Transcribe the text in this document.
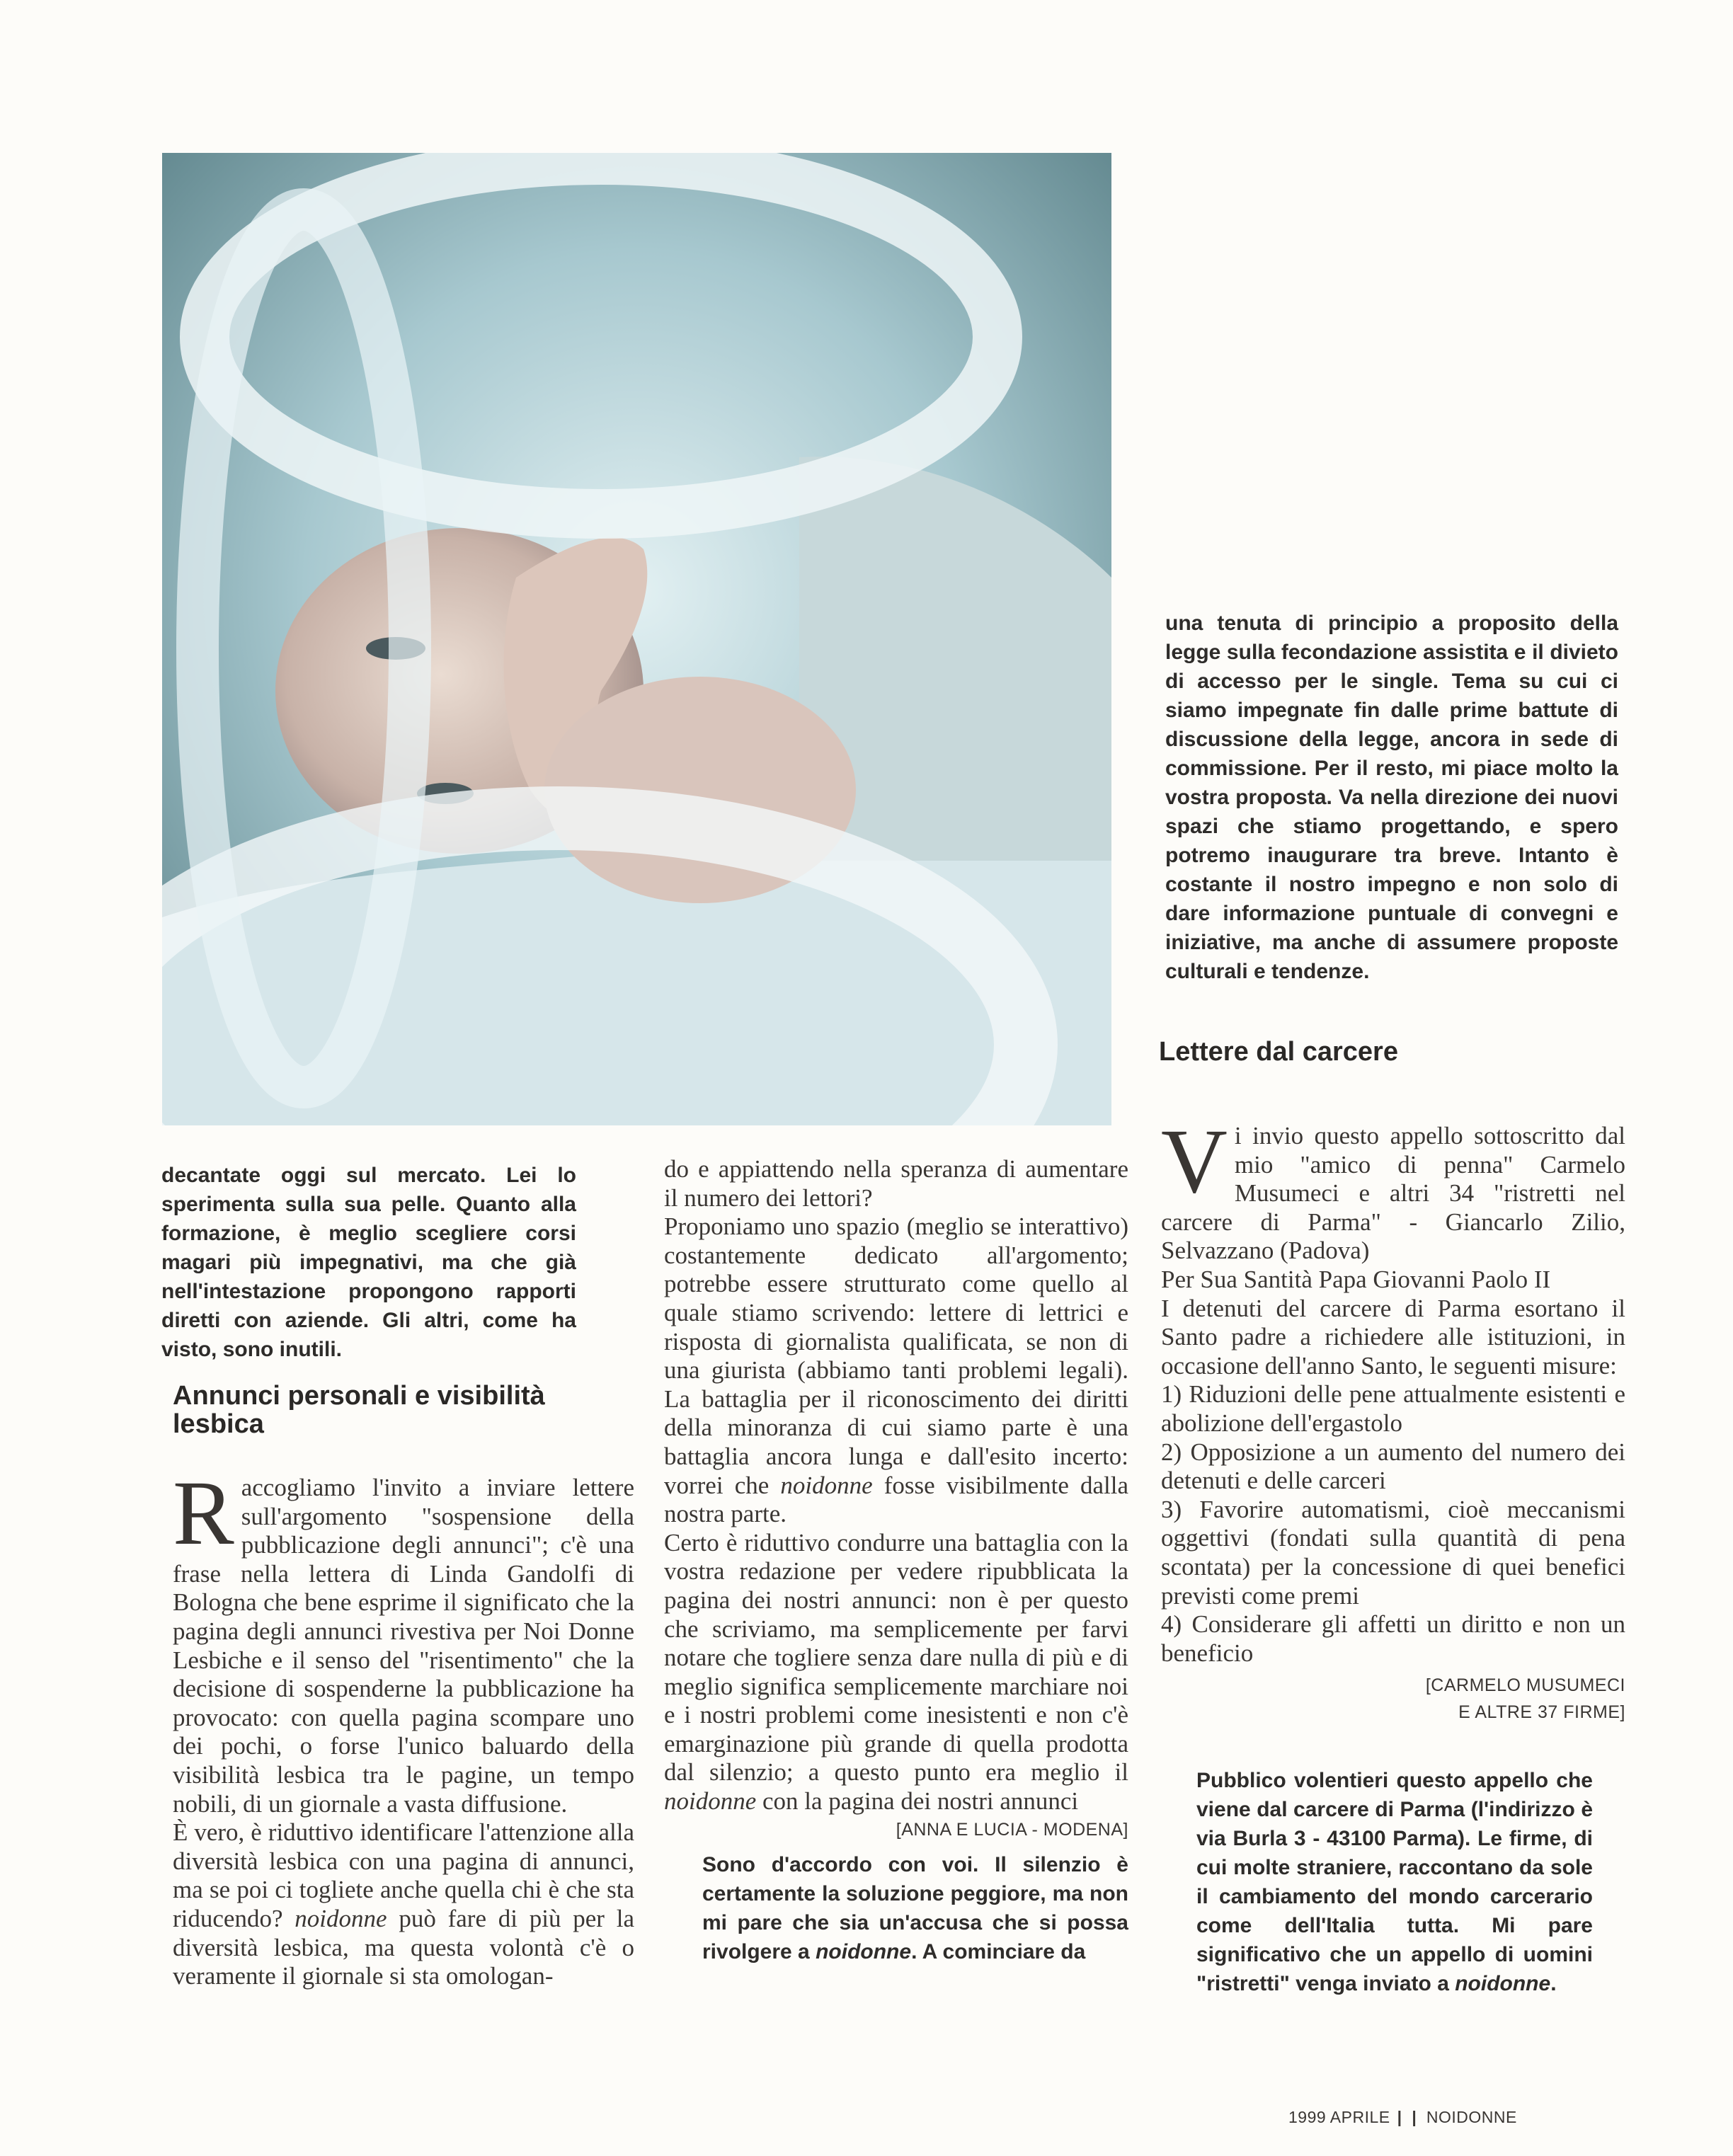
decantate oggi sul mercato. Lei lo sperimenta sulla sua pelle. Quanto alla formazione, è meglio scegliere corsi magari più impegnativi, ma che già nell'intestazione propongono rapporti diretti con aziende. Gli altri, come ha visto, sono inutili.

Annunci personali e visibilità lesbica

Raccogliamo l'invito a inviare lettere sull'argomento "sospensione della pubblicazione degli annunci"; c'è una frase nella lettera di Linda Gandolfi di Bologna che bene esprime il significato che la pagina degli annunci rivestiva per Noi Donne Lesbiche e il senso del "risentimento" che la decisione di sospenderne la pubblicazione ha provocato: con quella pagina scompare uno dei pochi, o forse l'unico baluardo della visibilità lesbica tra le pagine, un tempo nobili, di un giornale a vasta diffusione.

È vero, è riduttivo identificare l'attenzione alla diversità lesbica con una pagina di annunci, ma se poi ci togliete anche quella chi è che sta riducendo? noidonne può fare di più per la diversità lesbica, ma questa volontà c'è o veramente il giornale si sta omologan-

do e appiattendo nella speranza di aumentare il numero dei lettori?

Proponiamo uno spazio (meglio se interattivo) costantemente dedicato all'argomento; potrebbe essere strutturato come quello al quale stiamo scrivendo: lettere di lettrici e risposta di giornalista qualificata, se non di una giurista (abbiamo tanti problemi legali). La battaglia per il riconoscimento dei diritti della minoranza di cui siamo parte è una battaglia ancora lunga e dall'esito incerto: vorrei che noidonne fosse visibilmente dalla nostra parte.

Certo è riduttivo condurre una battaglia con la vostra redazione per vedere ripubblicata la pagina dei nostri annunci: non è per questo che scriviamo, ma semplicemente per farvi notare che togliere senza dare nulla di più e di meglio significa semplicemente marchiare noi e i nostri problemi come inesistenti e non c'è emarginazione più grande di quella prodotta dal silenzio; a questo punto era meglio il noidonne con la pagina dei nostri annunci

[ANNA E LUCIA - MODENA]

Sono d'accordo con voi. Il silenzio è certamente la soluzione peggiore, ma non mi pare che sia un'accusa che si possa rivolgere a noidonne. A cominciare da

una tenuta di principio a proposito della legge sulla fecondazione assistita e il divieto di accesso per le single. Tema su cui ci siamo impegnate fin dalle prime battute di discussione della legge, ancora in sede di commissione. Per il resto, mi piace molto la vostra proposta. Va nella direzione dei nuovi spazi che stiamo progettando, e spero potremo inaugurare tra breve. Intanto è costante il nostro impegno e non solo di dare informazione puntuale di convegni e iniziative, ma anche di assumere proposte culturali e tendenze.

Lettere dal carcere

Vi invio questo appello sottoscritto dal mio "amico di penna" Carmelo Musumeci e altri 34 "ristretti nel carcere di Parma" - Giancarlo Zilio, Selvazzano (Padova)

Per Sua Santità Papa Giovanni Paolo II

I detenuti del carcere di Parma esortano il Santo padre a richiedere alle istituzioni, in occasione dell'anno Santo, le seguenti misure:

1) Riduzioni delle pene attualmente esistenti e abolizione dell'ergastolo

2) Opposizione a un aumento del numero dei detenuti e delle carceri

3) Favorire automatismi, cioè meccanismi oggettivi (fondati sulla quantità di pena scontata) per la concessione di quei benefici previsti come premi

4) Considerare gli affetti un diritto e non un beneficio

[CARMELO MUSUMECI
E ALTRE 37 FIRME]

Pubblico volentieri questo appello che viene dal carcere di Parma (l'indirizzo è via Burla 3 - 43100 Parma). Le firme, di cui molte straniere, raccontano da sole il cambiamento del mondo carcerario come dell'Italia tutta. Mi pare significativo che un appello di uomini "ristretti" venga inviato a noidonne.

1999 APRILE | | NOIDONNE
